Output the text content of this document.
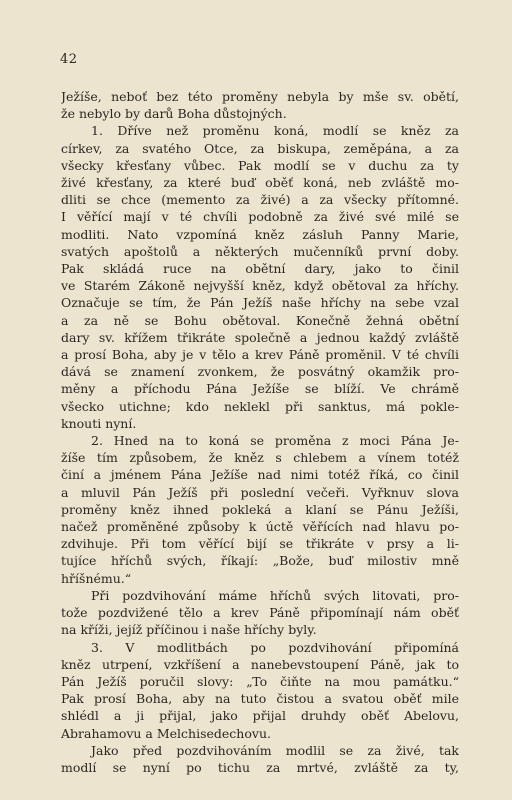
42
Ježíše, neboť bez této proměny nebyla by mše sv. obětí,
že nebylo by darů Boha důstojných.
1. Dříve než proměnu koná, modlí se kněz za
církev, za svatého Otce, za biskupa, zeměpána, a za
všecky křesťany vůbec. Pak modlí se v duchu za ty
živé křesťany, za které buď oběť koná, neb zvláště mo-
dliti se chce (memento za živé) a za všecky přítomné.
I věřící mají v té chvíli podobně za živé své milé se
modliti. Nato vzpomíná kněz zásluh Panny Marie,
svatých apoštolů a některých mučenníků první doby.
Pak skládá ruce na obětní dary, jako to činil
ve Starém Zákoně nejvyšší kněz, když obětoval za hříchy.
Označuje se tím, že Pán Ježíš naše hříchy na sebe vzal
a za ně se Bohu obětoval. Konečně žehná obětní
dary sv. křížem třikráte společně a jednou každý zvláště
a prosí Boha, aby je v tělo a krev Páně proměnil. V té chvíli
dává se znamení zvonkem, že posvátný okamžik pro-
měny a příchodu Pána Ježíše se blíží. Ve chrámě
všecko utichne; kdo neklekl při sanktus, má pokle-
knouti nyní.
2. Hned na to koná se proměna z moci Pána Je-
žíše tím způsobem, že kněz s chlebem a vínem totéž
činí a jménem Pána Ježíše nad nimi totéž říká, co činil
a mluvil Pán Ježíš při poslední večeři. Vyřknuv slova
proměny kněz ihned pokleká a klaní se Pánu Ježíši,
načež proměněné způsoby k úctě věřících nad hlavu po-
zdvihuje. Při tom věřící bijí se třikráte v prsy a li-
tujíce hříchů svých, říkají: „Bože, buď milostiv mně
hříšnému.“
Při pozdvihování máme hříchů svých litovati, pro-
tože pozdvižené tělo a krev Páně připomínají nám oběť
na kříži, jejíž příčinou i naše hříchy byly.
3. V modlitbách po pozdvihování připomíná
kněz utrpení, vzkříšení a nanebevstoupení Páně, jak to
Pán Ježíš poručil slovy: „To čiňte na mou památku.“
Pak prosí Boha, aby na tuto čistou a svatou oběť mile
shlédl a ji přijal, jako přijal druhdy oběť Abelovu,
Abrahamovu a Melchisedechovu.
Jako před pozdvihováním modlil se za živé, tak
modlí se nyní po tichu za mrtvé, zvláště za ty,
